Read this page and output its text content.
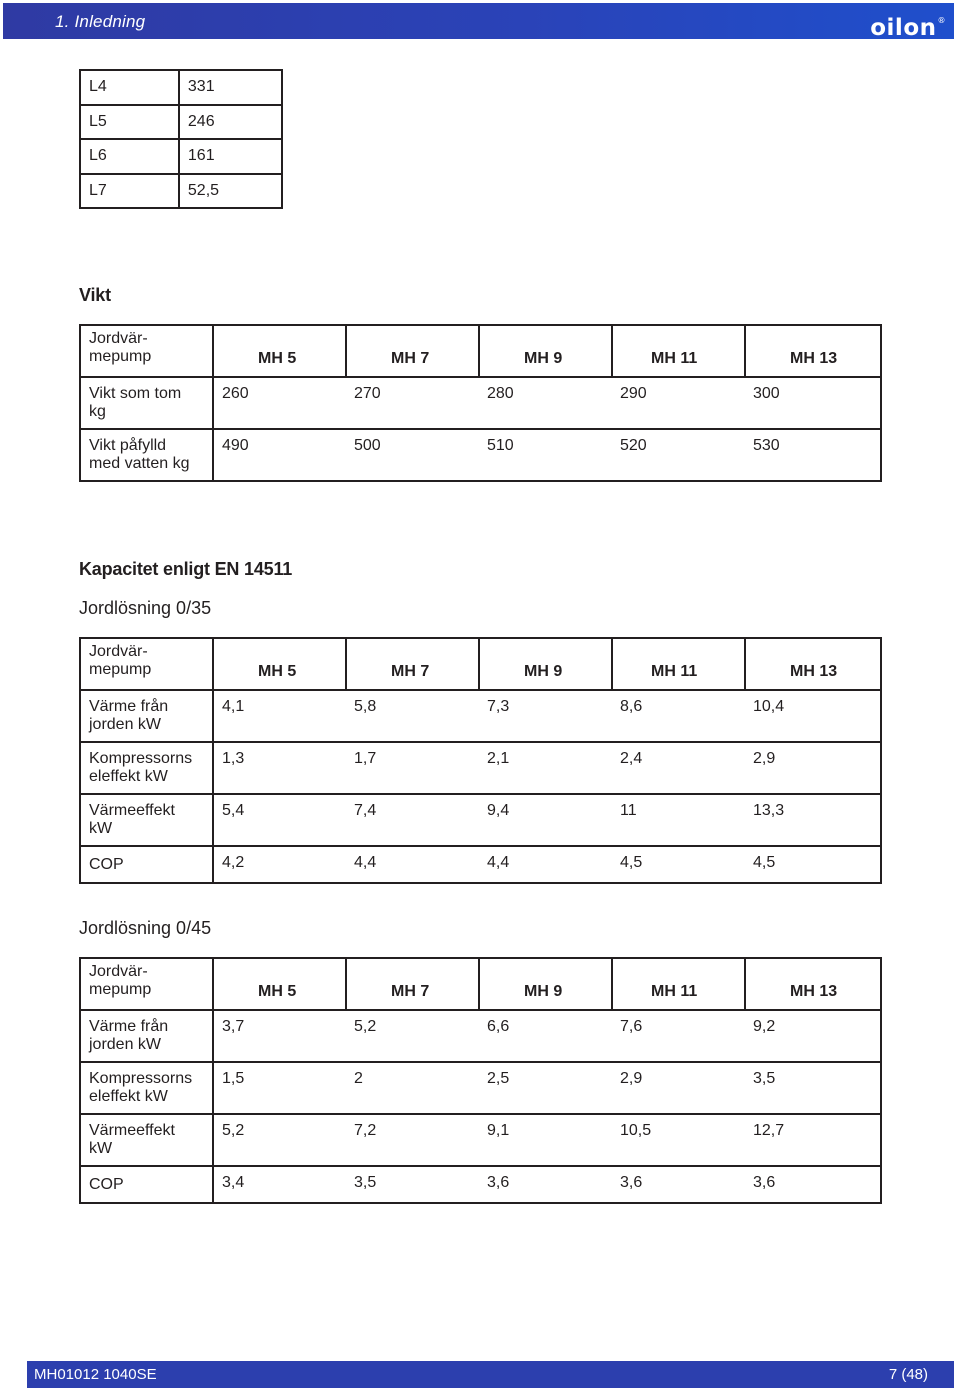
1. Inledning	oilon®
L4	331
L5	246
L6	161
L7	52,5
Vikt
Jordvär-
mepump	MH 5	MH 7	MH 9	MH 11	MH 13
Vikt som tom
kg	260	270	280	290	300
Vikt påfylld
med vatten kg	490	500	510	520	530
Kapacitet enligt EN 14511
Jordlösning 0/35
Jordvär-
mepump	MH 5	MH 7	MH 9	MH 11	MH 13
Värme från
jorden kW	4,1	5,8	7,3	8,6	10,4
Kompressorns
eleffekt kW	1,3	1,7	2,1	2,4	2,9
Värmeeffekt
kW	5,4	7,4	9,4	11	13,3
COP	4,2	4,4	4,4	4,5	4,5
Jordlösning 0/45
Jordvär-
mepump	MH 5	MH 7	MH 9	MH 11	MH 13
Värme från
jorden kW	3,7	5,2	6,6	7,6	9,2
Kompressorns
eleffekt kW	1,5	2	2,5	2,9	3,5
Värmeeffekt
kW	5,2	7,2	9,1	10,5	12,7
COP	3,4	3,5	3,6	3,6	3,6
MH01012 1040SE	7 (48)
